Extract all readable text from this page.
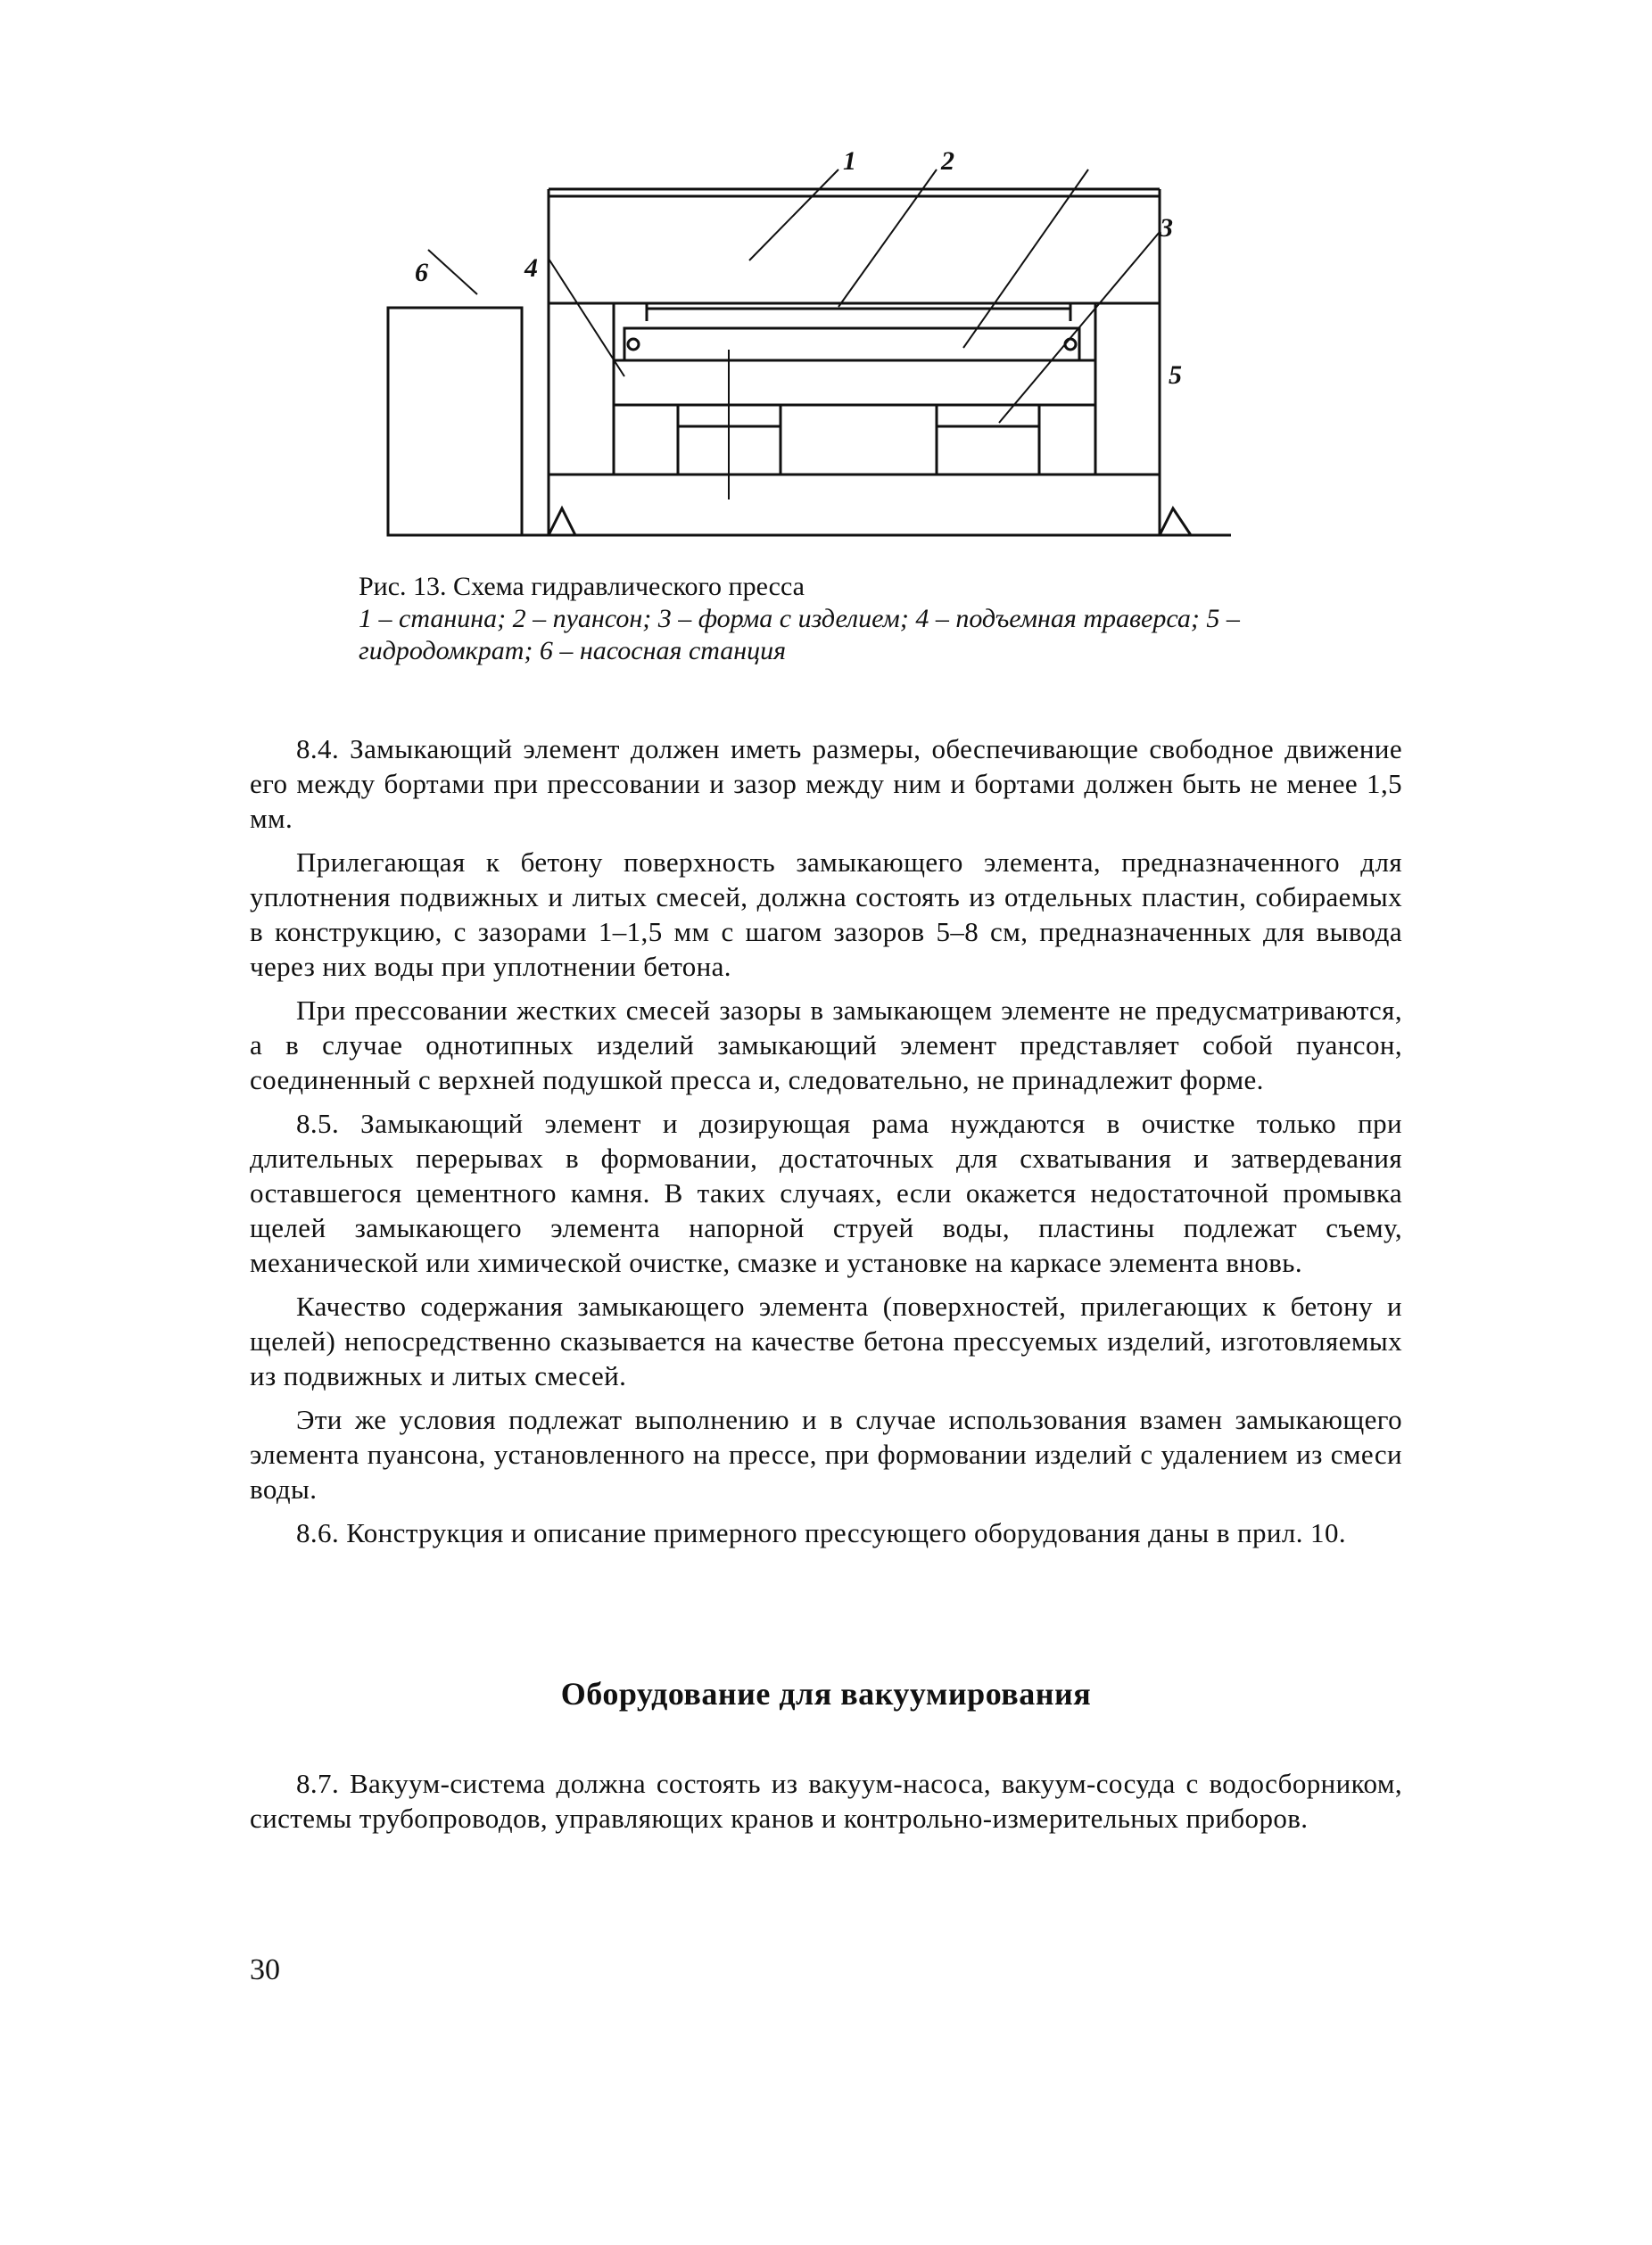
1	2
3
4
5
6
Рис. 13. Схема гидравлического пресса
1 – станина; 2 – пуансон; 3 – форма с изделием; 4 – подъемная траверса; 5 – гидродомкрат; 6 – насосная станция

8.4. Замыкающий элемент должен иметь размеры, обеспечивающие свободное движение его между бортами при прессовании и зазор между ним и бортами должен быть не менее 1,5 мм.

Прилегающая к бетону поверхность замыкающего элемента, предназначенного для уплотнения подвижных и литых смесей, должна состоять из отдельных пластин, собираемых в конструкцию, с зазорами 1–1,5 мм с шагом зазоров 5–8 см, предназначенных для вывода через них воды при уплотнении бетона.

При прессовании жестких смесей зазоры в замыкающем элементе не предусматриваются, а в случае однотипных изделий замыкающий элемент представляет собой пуансон, соединенный с верхней подушкой пресса и, следовательно, не принадлежит форме.

8.5. Замыкающий элемент и дозирующая рама нуждаются в очистке только при длительных перерывах в формовании, достаточных для схватывания и затвердевания оставшегося цементного камня. В таких случаях, если окажется недостаточной промывка щелей замыкающего элемента напорной струей воды, пластины подлежат съему, механической или химической очистке, смазке и установке на каркасе элемента вновь.

Качество содержания замыкающего элемента (поверхностей, прилегающих к бетону и щелей) непосредственно сказывается на качестве бетона прессуемых изделий, изготовляемых из подвижных и литых смесей.

Эти же условия подлежат выполнению и в случае использования взамен замыкающего элемента пуансона, установленного на прессе, при формовании изделий с удалением из смеси воды.

8.6. Конструкция и описание примерного прессующего оборудования даны в прил. 10.

Оборудование для вакуумирования

8.7. Вакуум-система должна состоять из вакуум-насоса, вакуум-сосуда с водосборником, системы трубопроводов, управляющих кранов и контрольно-измерительных приборов.

30
